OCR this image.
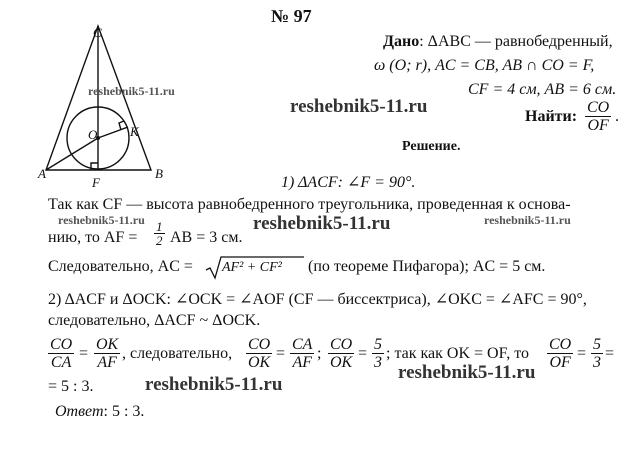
№ 97
C
A	B
O	K
F
Дано: ΔABC — равнобедренный,
ω (O; r), AC = CB, AB ∩ CO = F,
CF = 4 см, AB = 6 см.
Найти: $\frac{CO}{OF}$ .
Решение.
1) ΔACF: ∠F = 90°.
Так как CF — высота равнобедренного треугольника, проведенная к основа-
нию, то AF = $\frac{1}{2}$ AB = 3 см.
Следовательно, AC = AF² + CF² (по теореме Пифагора); AC = 5 см.
2) ΔACF и ΔOCK: ∠OCK = ∠AOF (CF — биссектриса), ∠OKC = ∠AFC = 90°,
следовательно, ΔACF ~ ΔOCK.
$\frac{CO}{CA} = \frac{OK}{AF}$ , следовательно, $\frac{CO}{OK} = \frac{CA}{AF}$ ; $\frac{CO}{OK} = \frac{5}{3}$ ; так как OK = OF, то $\frac{CO}{OF} = \frac{5}{3}$ =
= 5 : 3.
Ответ: 5 : 3.
reshebnik5-11.ru
reshebnik5-11.ru
reshebnik5-11.ru	reshebnik5-11.ru	reshebnik5-11.ru
reshebnik5-11.ru
reshebnik5-11.ru
